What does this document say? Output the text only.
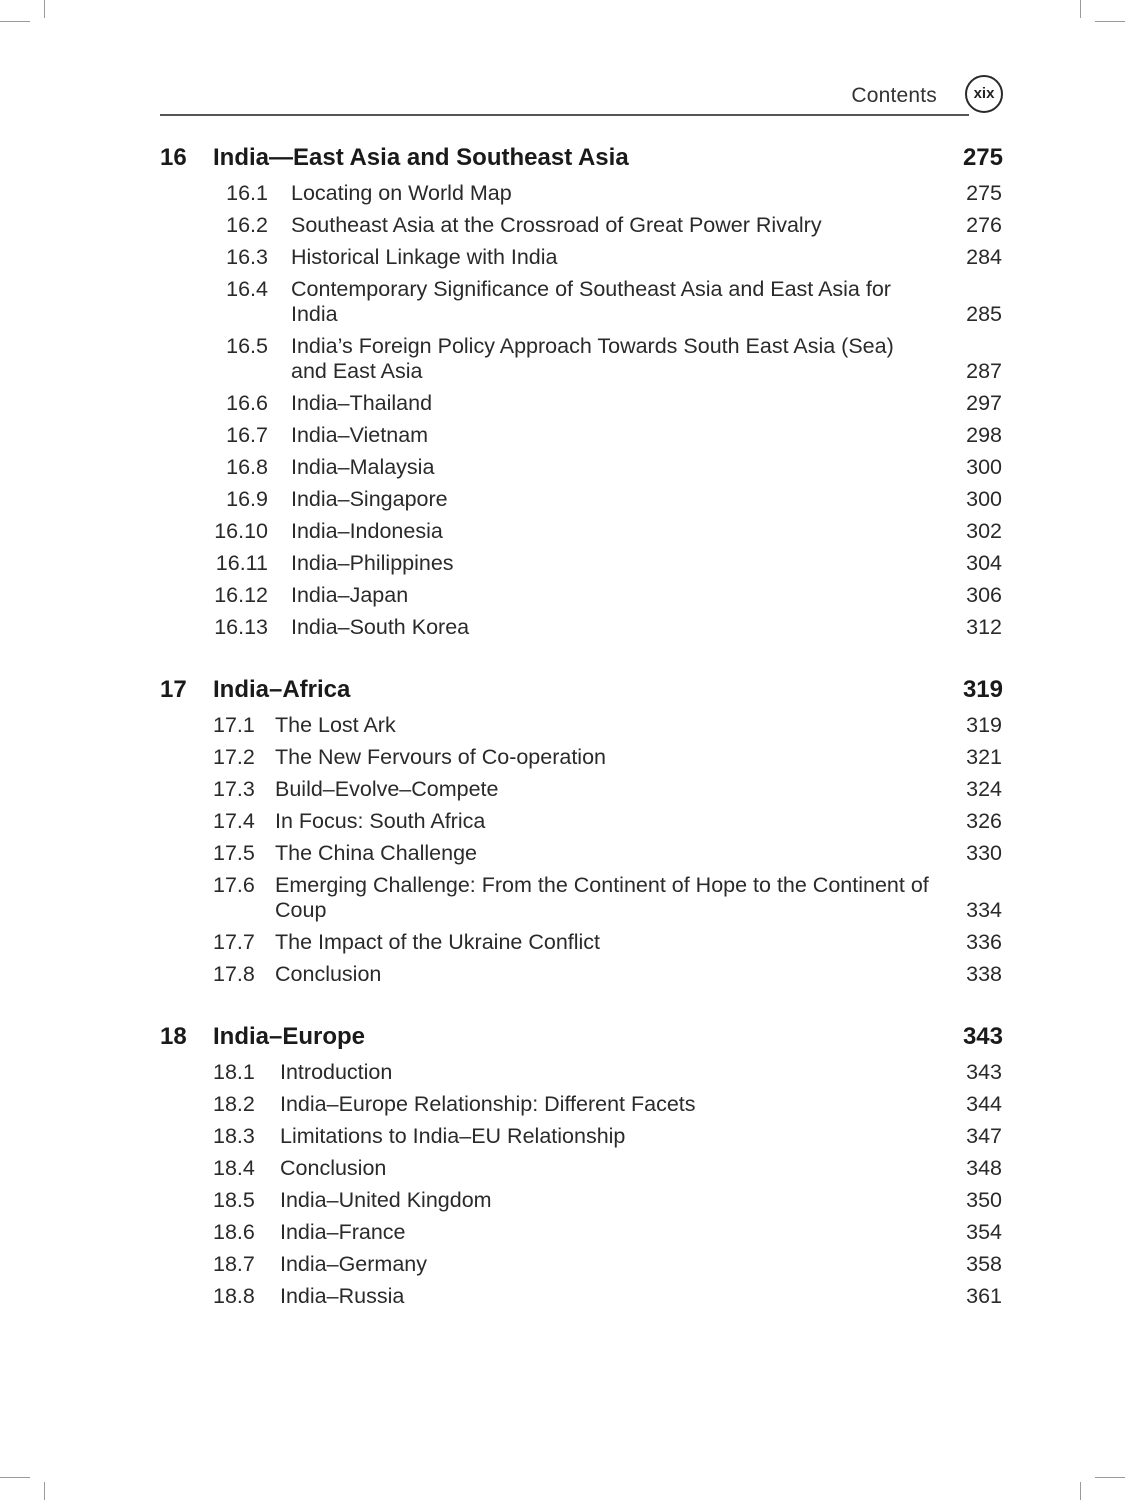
Contents	xix
16 India—East Asia and Southeast Asia	275
16.1 Locating on World Map	275
16.2 Southeast Asia at the Crossroad of Great Power Rivalry	276
16.3 Historical Linkage with India	284
16.4 Contemporary Significance of Southeast Asia and East Asia for India	285
16.5 India’s Foreign Policy Approach Towards South East Asia (Sea) and East Asia	287
16.6 India–Thailand	297
16.7 India–Vietnam	298
16.8 India–Malaysia	300
16.9 India–Singapore	300
16.10 India–Indonesia	302
16.11 India–Philippines	304
16.12 India–Japan	306
16.13 India–South Korea	312
17 India–Africa	319
17.1 The Lost Ark	319
17.2 The New Fervours of Co-operation	321
17.3 Build–Evolve–Compete	324
17.4 In Focus: South Africa	326
17.5 The China Challenge	330
17.6 Emerging Challenge: From the Continent of Hope to the Continent of Coup	334
17.7 The Impact of the Ukraine Conflict	336
17.8 Conclusion	338
18 India–Europe	343
18.1 Introduction	343
18.2 India–Europe Relationship: Different Facets	344
18.3 Limitations to India–EU Relationship	347
18.4 Conclusion	348
18.5 India–United Kingdom	350
18.6 India–France	354
18.7 India–Germany	358
18.8 India–Russia	361
